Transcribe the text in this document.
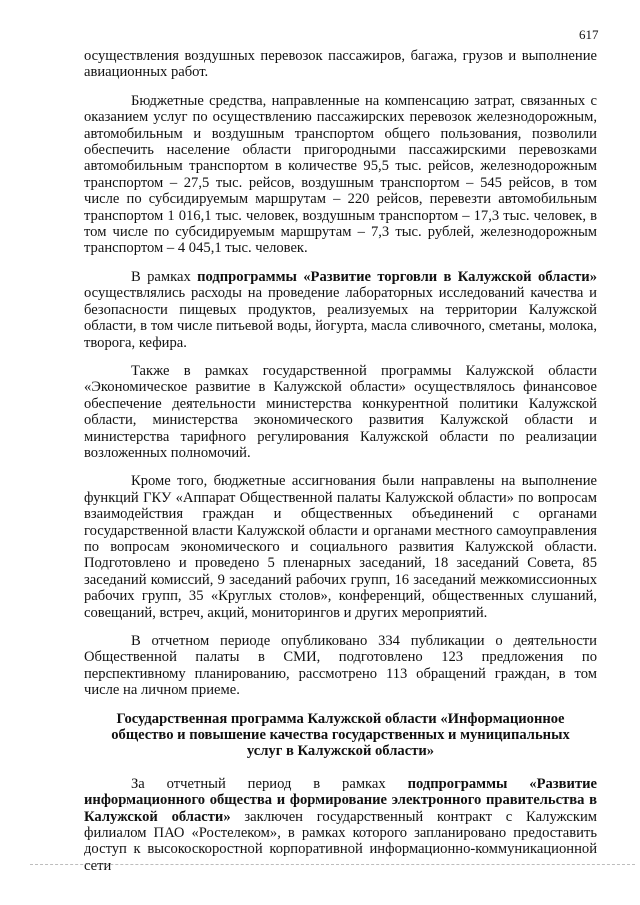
617

осуществления воздушных перевозок пассажиров, багажа, грузов и выполнение авиационных работ.

Бюджетные средства, направленные на компенсацию затрат, связанных с оказанием услуг по осуществлению пассажирских перевозок железнодорожным, автомобильным и воздушным транспортом общего пользования, позволили обеспечить население области пригородными пассажирскими перевозками автомобильным транспортом в количестве 95,5 тыс. рейсов, железнодорожным транспортом – 27,5 тыс. рейсов, воздушным транспортом – 545 рейсов, в том числе по субсидируемым маршрутам – 220 рейсов, перевезти автомобильным транспортом 1 016,1 тыс. человек, воздушным транспортом – 17,3 тыс. человек, в том числе по субсидируемым маршрутам – 7,3 тыс. рублей, железнодорожным транспортом – 4 045,1 тыс. человек.

В рамках подпрограммы «Развитие торговли в Калужской области» осуществлялись расходы на проведение лабораторных исследований качества и безопасности пищевых продуктов, реализуемых на территории Калужской области, в том числе питьевой воды, йогурта, масла сливочного, сметаны, молока, творога, кефира.

Также в рамках государственной программы Калужской области «Экономическое развитие в Калужской области» осуществлялось финансовое обеспечение деятельности министерства конкурентной политики Калужской области, министерства экономического развития Калужской области и министерства тарифного регулирования Калужской области по реализации возложенных полномочий.

Кроме того, бюджетные ассигнования были направлены на выполнение функций ГКУ «Аппарат Общественной палаты Калужской области» по вопросам взаимодействия граждан и общественных объединений с органами государственной власти Калужской области и органами местного самоуправления по вопросам экономического и социального развития Калужской области. Подготовлено и проведено 5 пленарных заседаний, 18 заседаний Совета, 85 заседаний комиссий, 9 заседаний рабочих групп, 16 заседаний межкомиссионных рабочих групп, 35 «Круглых столов», конференций, общественных слушаний, совещаний, встреч, акций, мониторингов и других мероприятий.

В отчетном периоде опубликовано 334 публикации о деятельности Общественной палаты в СМИ, подготовлено 123 предложения по перспективному планированию, рассмотрено 113 обращений граждан, в том числе на личном приеме.

Государственная программа Калужской области «Информационное общество и повышение качества государственных и муниципальных услуг в Калужской области»

За отчетный период в рамках подпрограммы «Развитие информационного общества и формирование электронного правительства в Калужской области» заключен государственный контракт с Калужским филиалом ПАО «Ростелеком», в рамках которого запланировано предоставить доступ к высокоскоростной корпоративной информационно-коммуникационной сети
